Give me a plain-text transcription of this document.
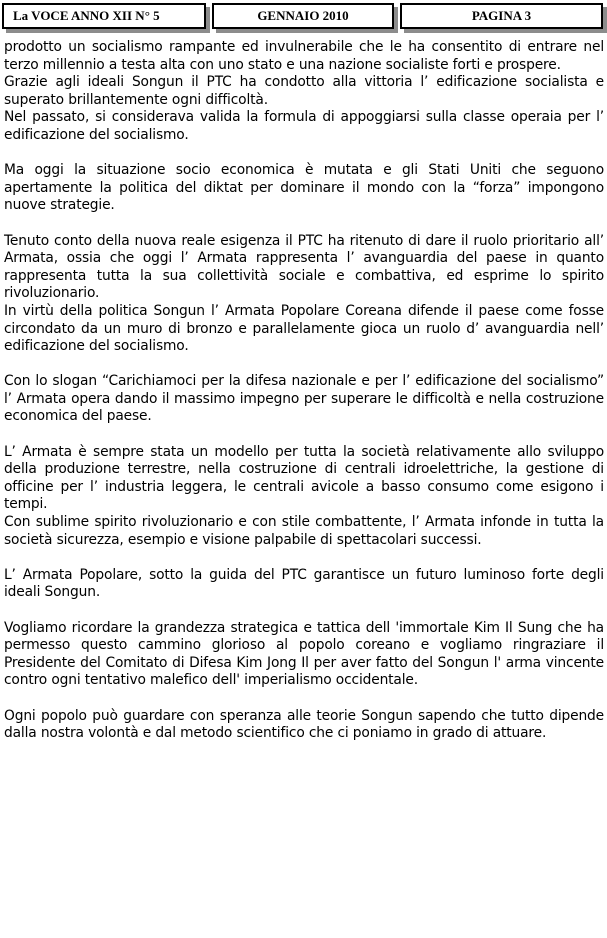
La VOCE ANNO XII N° 5	GENNAIO 2010	PAGINA 3

prodotto un socialismo rampante ed invulnerabile che le ha consentito di entrare nel terzo millennio a testa alta con uno stato e una nazione socialiste forti e prospere.

Grazie agli ideali Songun il PTC ha condotto alla vittoria l’ edificazione socialista e superato brillantemente ogni difficoltà.

Nel passato, si considerava valida la formula di appoggiarsi sulla classe operaia per l’ edificazione del socialismo.

Ma oggi la situazione socio economica è mutata e gli Stati Uniti che seguono apertamente la politica del diktat per dominare il mondo con la “forza” impongono nuove strategie.

Tenuto conto della nuova reale esigenza il PTC ha ritenuto di dare il ruolo prioritario all’ Armata, ossia che oggi l’ Armata rappresenta l’ avanguardia del paese in quanto rappresenta tutta la sua collettività sociale e combattiva, ed esprime lo spirito rivoluzionario.

In virtù della politica Songun l’ Armata Popolare Coreana difende il paese come fosse circondato da un muro di bronzo e parallelamente gioca un ruolo d’ avanguardia nell’ edificazione del socialismo.

Con lo slogan “Carichiamoci per la difesa nazionale e per l’ edificazione del socialismo” l’ Armata opera dando il massimo impegno per superare le difficoltà e nella costruzione economica del paese.

L’ Armata è sempre stata un modello per tutta la società relativamente allo sviluppo della produzione terrestre, nella costruzione di centrali idroelettriche, la gestione di officine per l’ industria leggera, le centrali avicole a basso consumo come esigono i tempi.

Con sublime spirito rivoluzionario e con stile combattente, l’ Armata infonde in tutta la società sicurezza, esempio e visione palpabile di spettacolari successi.

L’ Armata Popolare, sotto la guida del PTC garantisce un futuro luminoso forte degli ideali Songun.

Vogliamo ricordare la grandezza strategica e tattica dell 'immortale Kim Il Sung che ha permesso questo cammino glorioso al popolo coreano e vogliamo ringraziare il Presidente del Comitato di Difesa Kim Jong Il per aver fatto del Songun l' arma vincente contro ogni tentativo malefico dell' imperialismo occidentale.

Ogni popolo può guardare con speranza alle teorie Songun sapendo che tutto dipende dalla nostra volontà e dal metodo scientifico che ci poniamo in grado di attuare.
